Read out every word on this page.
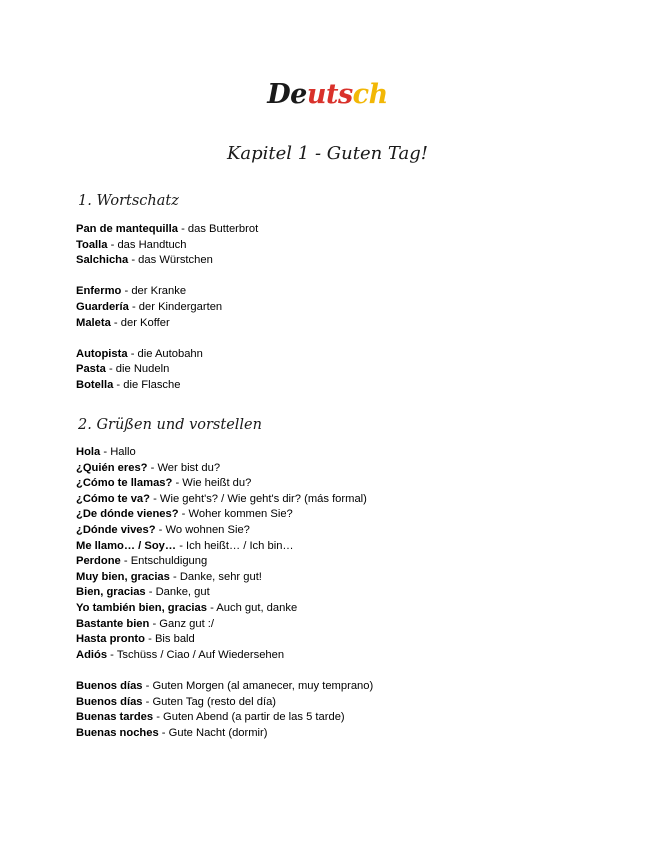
Deutsch
Kapitel 1 - Guten Tag!
1. Wortschatz
Pan de mantequilla - das Butterbrot
Toalla - das Handtuch
Salchicha - das Würstchen
Enfermo - der Kranke
Guardería - der Kindergarten
Maleta - der Koffer
Autopista - die Autobahn
Pasta - die Nudeln
Botella - die Flasche
2. Grüßen und vorstellen
Hola - Hallo
¿Quién eres? - Wer bist du?
¿Cómo te llamas? - Wie heißt du?
¿Cómo te va? - Wie geht's? / Wie geht's dir? (más formal)
¿De dónde vienes? - Woher kommen Sie?
¿Dónde vives? - Wo wohnen Sie?
Me llamo… / Soy… - Ich heißt… / Ich bin…
Perdone - Entschuldigung
Muy bien, gracias - Danke, sehr gut!
Bien, gracias - Danke, gut
Yo también bien, gracias - Auch gut, danke
Bastante bien - Ganz gut :/
Hasta pronto - Bis bald
Adiós - Tschüss / Ciao / Auf Wiedersehen
Buenos días - Guten Morgen (al amanecer, muy temprano)
Buenos días - Guten Tag (resto del día)
Buenas tardes - Guten Abend (a partir de las 5 tarde)
Buenas noches - Gute Nacht (dormir)
